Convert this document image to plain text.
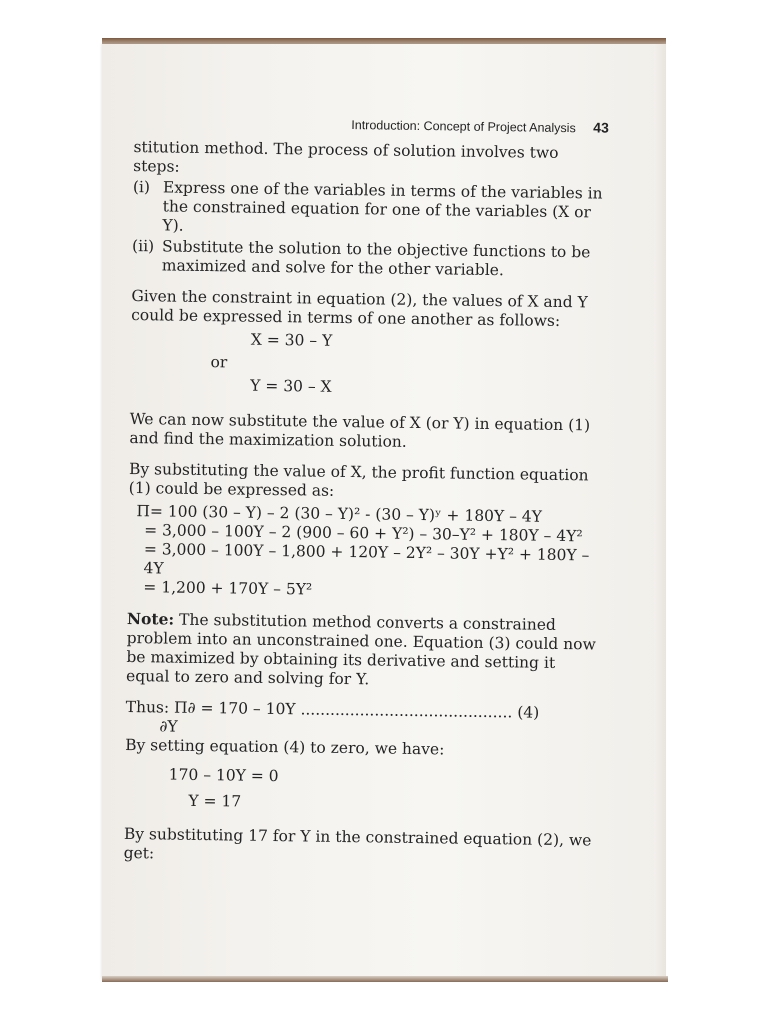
Introduction: Concept of Project Analysis 43

stitution method. The process of solution involves two steps:

(i) Express one of the variables in terms of the variables in the constrained equation for one of the variables (X or Y).
(ii) Substitute the solution to the objective functions to be maximized and solve for the other variable.

Given the constraint in equation (2), the values of X and Y could be expressed in terms of one another as follows:

X = 30 – Y

or

Y = 30 – X

We can now substitute the value of X (or Y) in equation (1) and find the maximization solution.

By substituting the value of X, the profit function equation (1) could be expressed as:

Π= 100 (30 – Y) – 2 (30 – Y)² - (30 – Y)ʸ + 180Y – 4Y

= 3,000 – 100Y – 2 (900 – 60 + Y²) – 30–Y² + 180Y – 4Y²

= 3,000 – 100Y – 1,800 + 120Y – 2Y² – 30Y +Y² + 180Y – 4Y

= 1,200 + 170Y – 5Y²

Note: The substitution method converts a constrained problem into an unconstrained one. Equation (3) could now be maximized by obtaining its derivative and setting it equal to zero and solving for Y.

Thus: Π∂ = 170 – 10Y ........................................... (4)

∂Y

By setting equation (4) to zero, we have:

170 – 10Y = 0

Y = 17

By substituting 17 for Y in the constrained equation (2), we get:
